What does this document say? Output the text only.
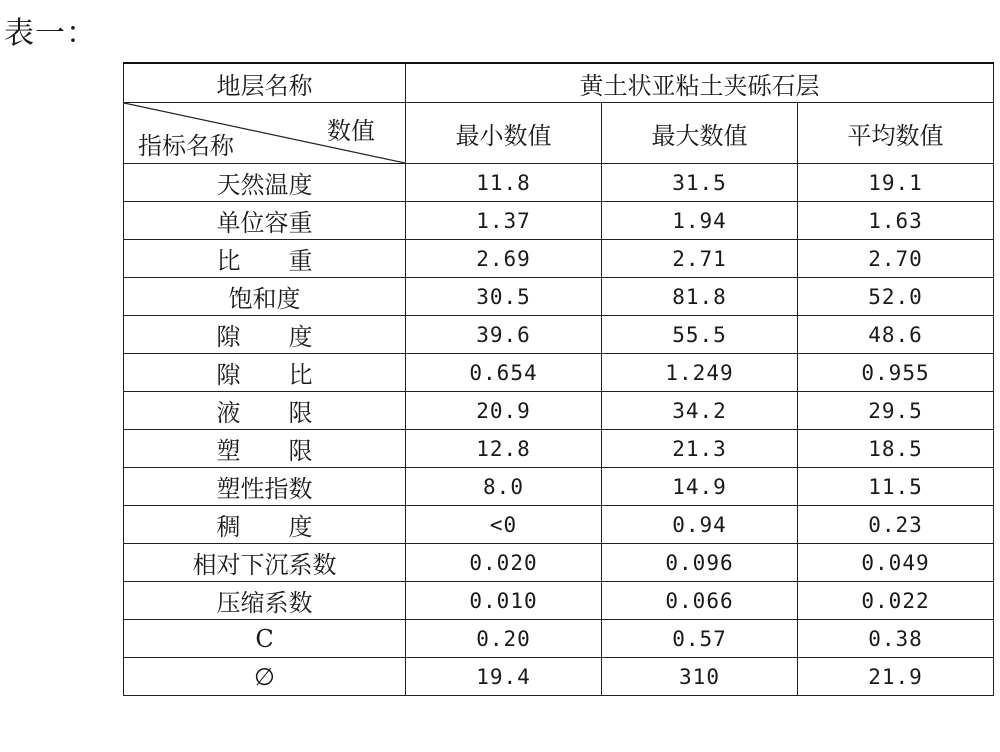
表一：
地层名称	黄土状亚粘土夹砾石层		

数值
指标名称	最小数值	最大数值	平均数值
天然温度	11.8	31.5	19.1
单位容重	1.37	1.94	1.63
比　　重	2.69	2.71	2.70
饱和度	30.5	81.8	52.0
隙　　度	39.6	55.5	48.6
隙　　比	0.654	1.249	0.955
液　　限	20.9	34.2	29.5
塑　　限	12.8	21.3	18.5
塑性指数	8.0	14.9	11.5
稠　　度	<0	0.94	0.23
相对下沉系数	0.020	0.096	0.049
压缩系数	0.010	0.066	0.022
C	0.20	0.57	0.38
∅	19.4	310	21.9
